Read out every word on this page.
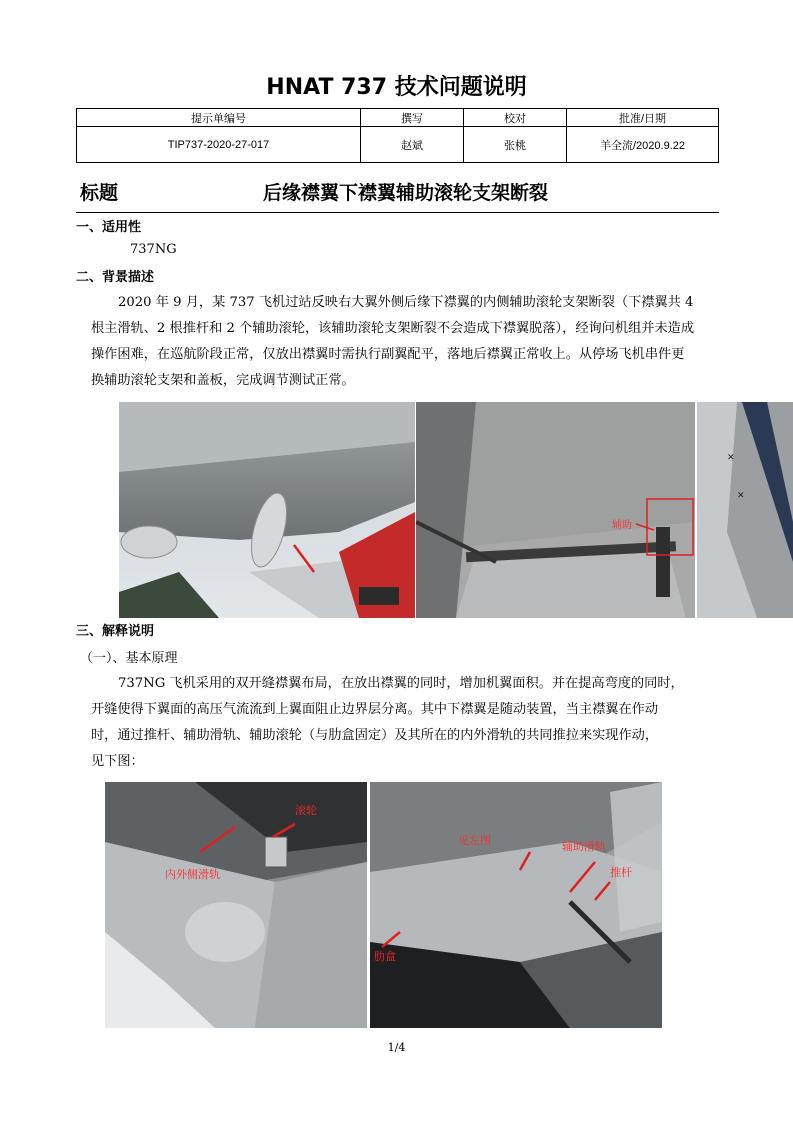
HNAT 737 技术问题说明
提示单编号	撰写	校对	批准/日期
TIP737-2020-27-017	赵斌	张桃	羊全流/2020.9.22
标题	后缘襟翼下襟翼辅助滚轮支架断裂
一、适用性
737NG
二、背景描述
2020 年 9 月，某 737 飞机过站反映右大翼外侧后缘下襟翼的内侧辅助滚轮支架断裂（下襟翼共 4
根主滑轨、2 根推杆和 2 个辅助滚轮，该辅助滚轮支架断裂不会造成下襟翼脱落），经询问机组并未造成
操作困难，在巡航阶段正常，仅放出襟翼时需执行副翼配平，落地后襟翼正常收上。从停场飞机串件更
换辅助滚轮支架和盖板，完成调节测试正常。
辅助
✕
✕
三、解释说明
（一）、基本原理
737NG 飞机采用的双开缝襟翼布局，在放出襟翼的同时，增加机翼面积。并在提高弯度的同时，
开缝使得下翼面的高压气流流到上翼面阻止边界层分离。其中下襟翼是随动装置，当主襟翼在作动
时，通过推杆、辅助滑轨、辅助滚轮（与肋盒固定）及其所在的内外滑轨的共同推拉来实现作动，
见下图：
滚轮
内外侧滑轨
见左图	辅助滑轨
推杆
肋盒
1/4
